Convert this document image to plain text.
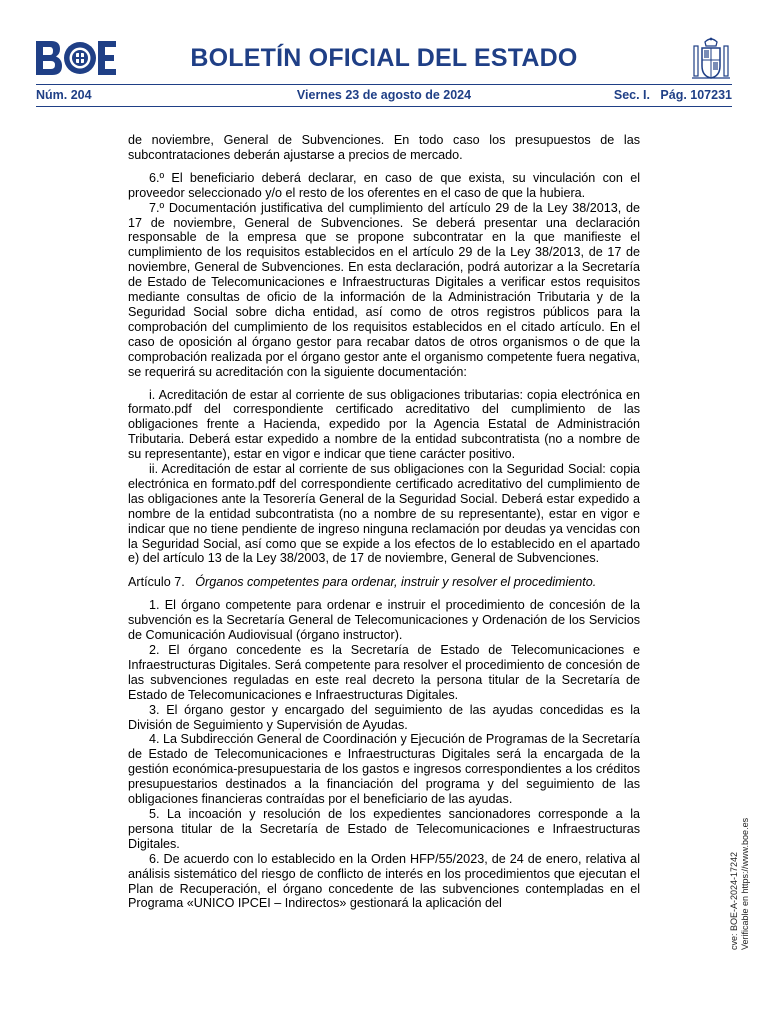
BOLETÍN OFICIAL DEL ESTADO
Núm. 204	Viernes 23 de agosto de 2024	Sec. I.   Pág. 107231

de noviembre, General de Subvenciones. En todo caso los presupuestos de las subcontrataciones deberán ajustarse a precios de mercado.

6.º El beneficiario deberá declarar, en caso de que exista, su vinculación con el proveedor seleccionado y/o el resto de los oferentes en el caso de que la hubiera.

7.º Documentación justificativa del cumplimiento del artículo 29 de la Ley 38/2013, de 17 de noviembre, General de Subvenciones. Se deberá presentar una declaración responsable de la empresa que se propone subcontratar en la que manifieste el cumplimiento de los requisitos establecidos en el artículo 29 de la Ley 38/2013, de 17 de noviembre, General de Subvenciones. En esta declaración, podrá autorizar a la Secretaría de Estado de Telecomunicaciones e Infraestructuras Digitales a verificar estos requisitos mediante consultas de oficio de la información de la Administración Tributaria y de la Seguridad Social sobre dicha entidad, así como de otros registros públicos para la comprobación del cumplimiento de los requisitos establecidos en el citado artículo. En el caso de oposición al órgano gestor para recabar datos de otros organismos o de que la comprobación realizada por el órgano gestor ante el organismo competente fuera negativa, se requerirá su acreditación con la siguiente documentación:

i. Acreditación de estar al corriente de sus obligaciones tributarias: copia electrónica en formato.pdf del correspondiente certificado acreditativo del cumplimiento de las obligaciones frente a Hacienda, expedido por la Agencia Estatal de Administración Tributaria. Deberá estar expedido a nombre de la entidad subcontratista (no a nombre de su representante), estar en vigor e indicar que tiene carácter positivo.

ii. Acreditación de estar al corriente de sus obligaciones con la Seguridad Social: copia electrónica en formato.pdf del correspondiente certificado acreditativo del cumplimiento de las obligaciones ante la Tesorería General de la Seguridad Social. Deberá estar expedido a nombre de la entidad subcontratista (no a nombre de su representante), estar en vigor e indicar que no tiene pendiente de ingreso ninguna reclamación por deudas ya vencidas con la Seguridad Social, así como que se expide a los efectos de lo establecido en el apartado e) del artículo 13 de la Ley 38/2003, de 17 de noviembre, General de Subvenciones.

Artículo 7. Órganos competentes para ordenar, instruir y resolver el procedimiento.

1. El órgano competente para ordenar e instruir el procedimiento de concesión de la subvención es la Secretaría General de Telecomunicaciones y Ordenación de los Servicios de Comunicación Audiovisual (órgano instructor).

2. El órgano concedente es la Secretaría de Estado de Telecomunicaciones e Infraestructuras Digitales. Será competente para resolver el procedimiento de concesión de las subvenciones reguladas en este real decreto la persona titular de la Secretaría de Estado de Telecomunicaciones e Infraestructuras Digitales.

3. El órgano gestor y encargado del seguimiento de las ayudas concedidas es la División de Seguimiento y Supervisión de Ayudas.

4. La Subdirección General de Coordinación y Ejecución de Programas de la Secretaría de Estado de Telecomunicaciones e Infraestructuras Digitales será la encargada de la gestión económica-presupuestaria de los gastos e ingresos correspondientes a los créditos presupuestarios destinados a la financiación del programa y del seguimiento de las obligaciones financieras contraídas por el beneficiario de las ayudas.

5. La incoación y resolución de los expedientes sancionadores corresponde a la persona titular de la Secretaría de Estado de Telecomunicaciones e Infraestructuras Digitales.

6. De acuerdo con lo establecido en la Orden HFP/55/2023, de 24 de enero, relativa al análisis sistemático del riesgo de conflicto de interés en los procedimientos que ejecutan el Plan de Recuperación, el órgano concedente de las subvenciones contempladas en el Programa «UNICO IPCEI – Indirectos» gestionará la aplicación del	cve: BOE-A-2024-17242 Verificable en https://www.boe.es
